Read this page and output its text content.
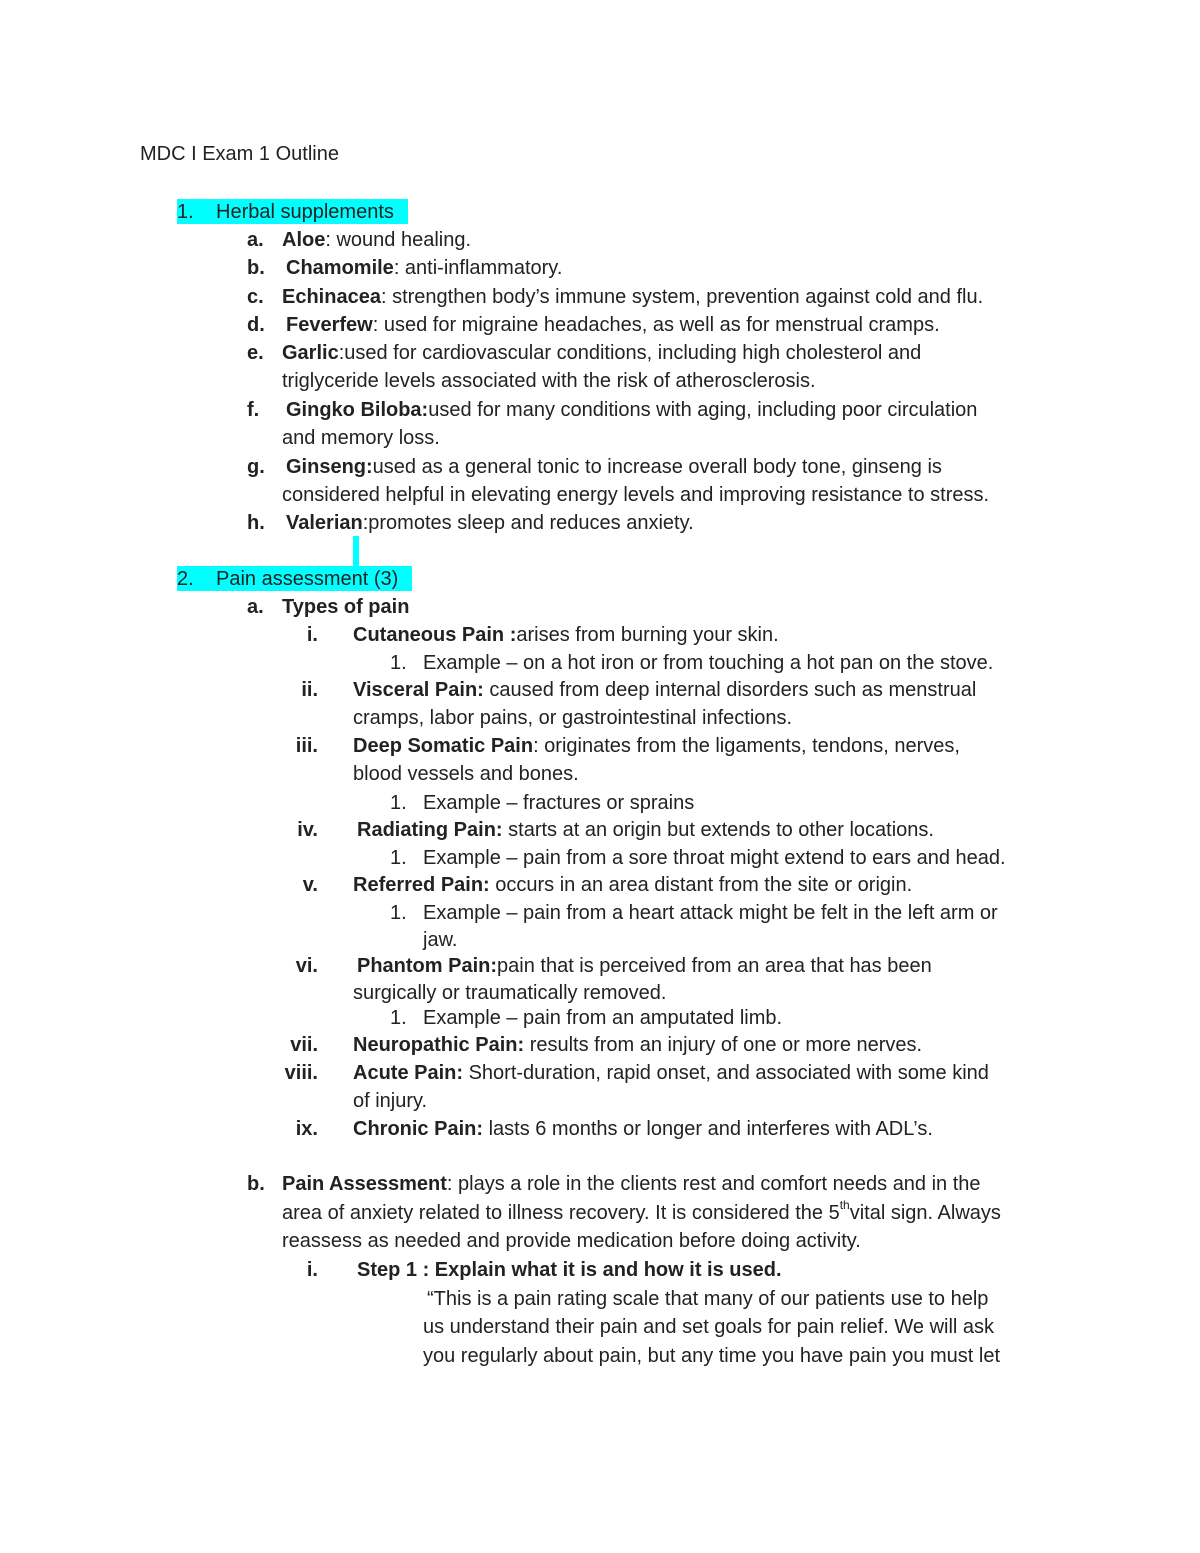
MDC I Exam 1 Outline
1. Herbal supplements
a. Aloe: wound healing.
b. Chamomile: anti-inflammatory.
c. Echinacea: strengthen body’s immune system, prevention against cold and flu.
d. Feverfew: used for migraine headaches, as well as for menstrual cramps.
e. Garlic:used for cardiovascular conditions, including high cholesterol and
triglyceride levels associated with the risk of atherosclerosis.
f. Gingko Biloba:used for many conditions with aging, including poor circulation
and memory loss.
g. Ginseng:used as a general tonic to increase overall body tone, ginseng is
considered helpful in elevating energy levels and improving resistance to stress.
h. Valerian:promotes sleep and reduces anxiety.
2. Pain assessment (3)
a. Types of pain
i. Cutaneous Pain :arises from burning your skin.
1. Example – on a hot iron or from touching a hot pan on the stove.
ii. Visceral Pain: caused from deep internal disorders such as menstrual
cramps, labor pains, or gastrointestinal infections.
iii. Deep Somatic Pain: originates from the ligaments, tendons, nerves,
blood vessels and bones.
1. Example – fractures or sprains
iv. Radiating Pain: starts at an origin but extends to other locations.
1. Example – pain from a sore throat might extend to ears and head.
v. Referred Pain: occurs in an area distant from the site or origin.
1. Example – pain from a heart attack might be felt in the left arm or
jaw.
vi. Phantom Pain:pain that is perceived from an area that has been
surgically or traumatically removed.
1. Example – pain from an amputated limb.
vii. Neuropathic Pain: results from an injury of one or more nerves.
viii. Acute Pain: Short-duration, rapid onset, and associated with some kind
of injury.
ix. Chronic Pain: lasts 6 months or longer and interferes with ADL’s.
b. Pain Assessment: plays a role in the clients rest and comfort needs and in the
area of anxiety related to illness recovery. It is considered the 5thvital sign. Always
reassess as needed and provide medication before doing activity.
i. Step 1 : Explain what it is and how it is used.
“This is a pain rating scale that many of our patients use to help
us understand their pain and set goals for pain relief. We will ask
you regularly about pain, but any time you have pain you must let
